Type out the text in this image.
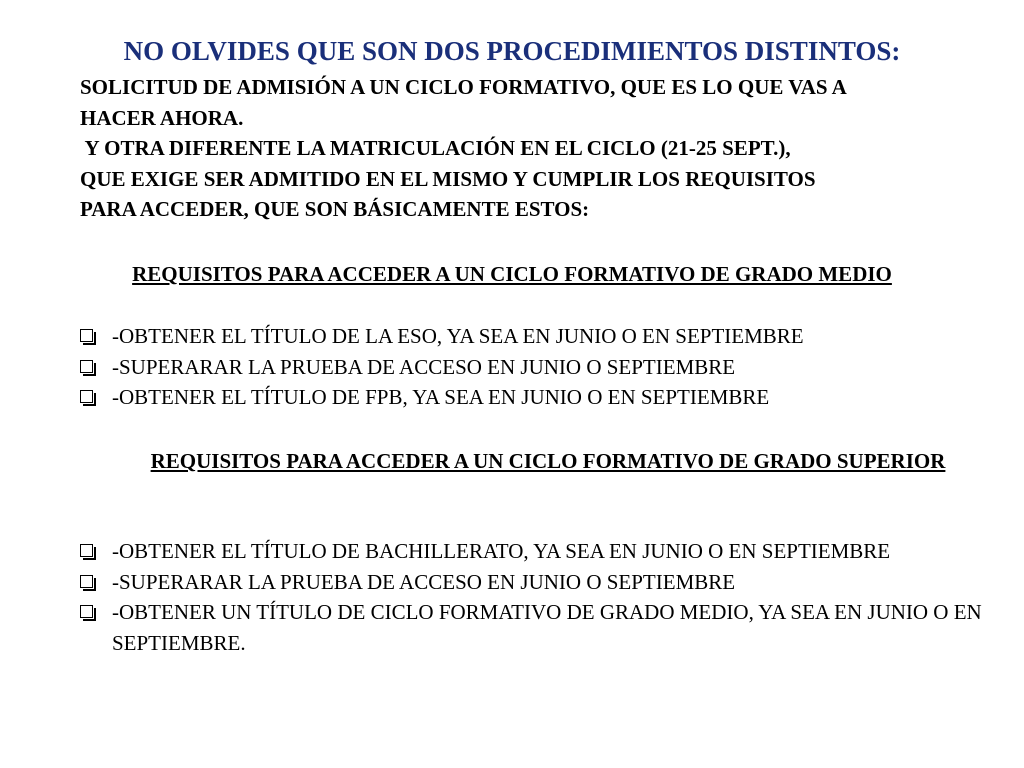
NO OLVIDES QUE SON DOS PROCEDIMIENTOS DISTINTOS:
SOLICITUD DE ADMISIÓN A UN CICLO FORMATIVO, QUE ES LO QUE VAS A
HACER AHORA.
Y OTRA DIFERENTE LA MATRICULACIÓN EN EL CICLO (21-25 SEPT.),
QUE EXIGE SER ADMITIDO EN EL MISMO Y CUMPLIR LOS REQUISITOS
PARA ACCEDER, QUE SON BÁSICAMENTE ESTOS:
REQUISITOS PARA ACCEDER A UN CICLO FORMATIVO DE GRADO MEDIO
-OBTENER EL TÍTULO DE LA ESO, YA SEA EN JUNIO O EN SEPTIEMBRE
-SUPERARAR LA PRUEBA DE ACCESO EN JUNIO O SEPTIEMBRE
-OBTENER EL TÍTULO DE FPB, YA SEA EN JUNIO O EN SEPTIEMBRE
REQUISITOS PARA ACCEDER A UN CICLO FORMATIVO DE GRADO SUPERIOR
-OBTENER EL TÍTULO DE BACHILLERATO, YA SEA EN JUNIO O EN SEPTIEMBRE
-SUPERARAR LA PRUEBA DE ACCESO EN JUNIO O SEPTIEMBRE
-OBTENER UN TÍTULO DE CICLO FORMATIVO DE GRADO MEDIO, YA SEA EN JUNIO O EN SEPTIEMBRE.
